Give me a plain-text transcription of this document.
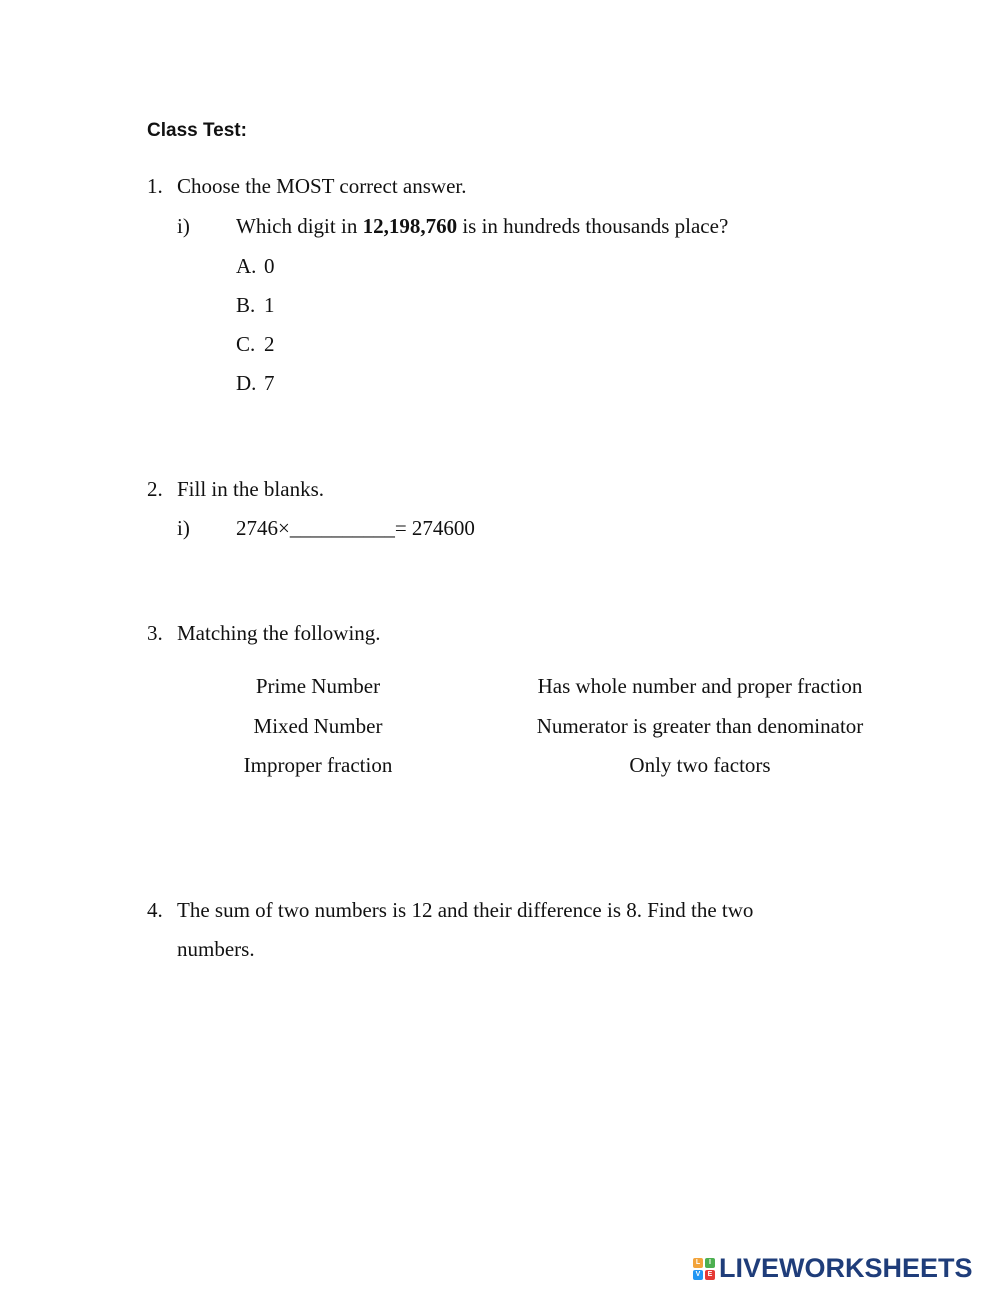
Class Test:
1. Choose the MOST correct answer.
i) Which digit in 12,198,760 is in hundreds thousands place?
A. 0
B. 1
C. 2
D. 7
2. Fill in the blanks.
i) 2746×__________= 274600
3. Matching the following.
Prime Number
Mixed Number
Improper fraction
Has whole number and proper fraction
Numerator is greater than denominator
Only two factors
4. The sum of two numbers is 12 and their difference is 8. Find the two
numbers.
L	I
V	E LIVEWORKSHEETS
